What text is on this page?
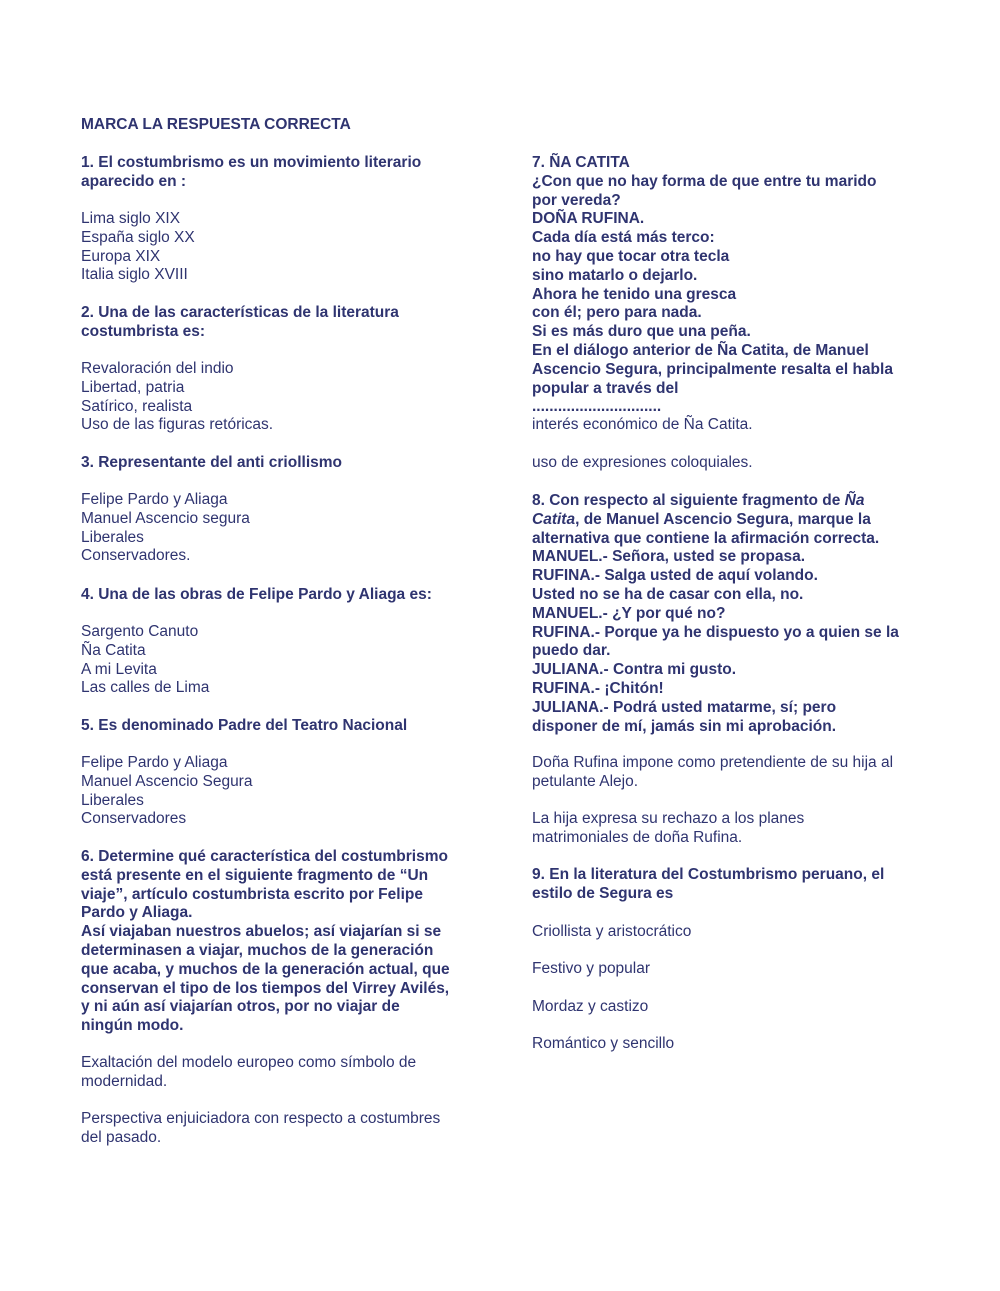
MARCA LA RESPUESTA CORRECTA
1. El costumbrismo es un movimiento literario
aparecido en :
Lima siglo XIX
España siglo XX
Europa XIX
Italia siglo XVIII
2. Una de las características de la literatura
costumbrista es:
Revaloración del indio
Libertad, patria
Satírico, realista
Uso de las figuras retóricas.
3. Representante del anti criollismo
Felipe Pardo y Aliaga
Manuel Ascencio segura
Liberales
Conservadores.
4. Una de las obras de Felipe Pardo y Aliaga es:
Sargento Canuto
Ña Catita
A mi Levita
Las calles de Lima
5. Es denominado Padre del Teatro Nacional
Felipe Pardo y Aliaga
Manuel Ascencio Segura
Liberales
Conservadores
6. Determine qué característica del costumbrismo
está presente en el siguiente fragmento de “Un
viaje”, artículo costumbrista escrito por Felipe
Pardo y Aliaga.
Así viajaban nuestros abuelos; así viajarían si se
determinasen a viajar, muchos de la generación
que acaba, y muchos de la generación actual, que
conservan el tipo de los tiempos del Virrey Avilés,
y ni aún así viajarían otros, por no viajar de
ningún modo.
Exaltación del modelo europeo como símbolo de
modernidad.
Perspectiva enjuiciadora con respecto a costumbres
del pasado.
7. ÑA CATITA
¿Con que no hay forma de que entre tu marido
por vereda?
DOÑA RUFINA.
Cada día está más terco:
no hay que tocar otra tecla
sino matarlo o dejarlo.
Ahora he tenido una gresca
con él; pero para nada.
Si es más duro que una peña.
En el diálogo anterior de Ña Catita, de Manuel
Ascencio Segura, principalmente resalta el habla
popular a través del
..............................
interés económico de Ña Catita.
uso de expresiones coloquiales.
8. Con respecto al siguiente fragmento de Ña
Catita, de Manuel Ascencio Segura, marque la
alternativa que contiene la afirmación correcta.
MANUEL.- Señora, usted se propasa.
RUFINA.- Salga usted de aquí volando.
Usted no se ha de casar con ella, no.
MANUEL.- ¿Y por qué no?
RUFINA.- Porque ya he dispuesto yo a quien se la
puedo dar.
JULIANA.- Contra mi gusto.
RUFINA.- ¡Chitón!
JULIANA.- Podrá usted matarme, sí; pero
disponer de mí, jamás sin mi aprobación.
Doña Rufina impone como pretendiente de su hija al
petulante Alejo.
La hija expresa su rechazo a los planes
matrimoniales de doña Rufina.
9. En la literatura del Costumbrismo peruano, el
estilo de Segura es
Criollista y aristocrático
Festivo y popular
Mordaz y castizo
Romántico y sencillo
